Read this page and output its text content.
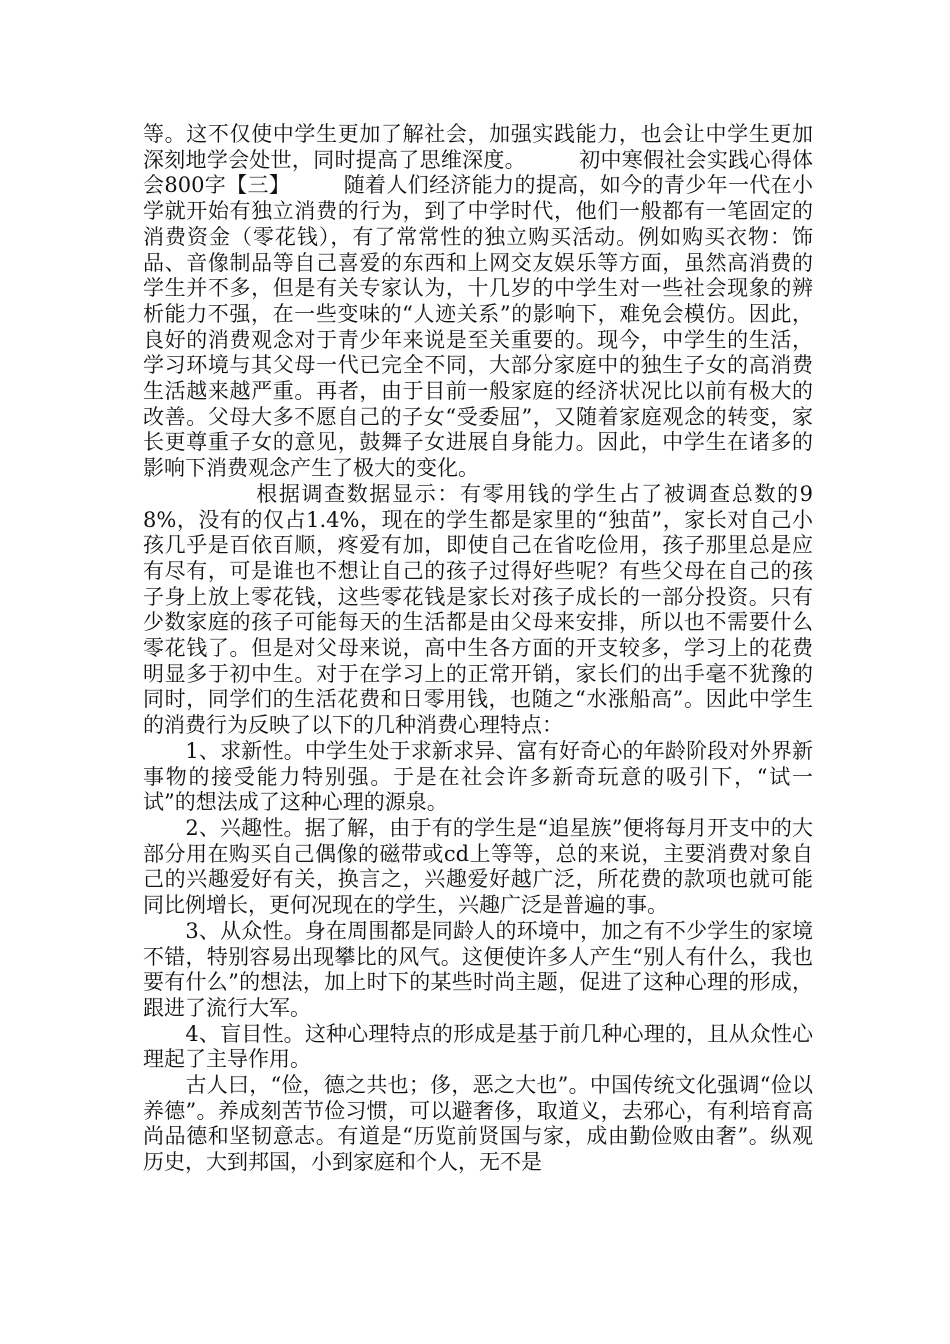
等。这不仅使中学生更加了解社会，加强实践能力，也会让中学生更加深刻地学会处世，同时提高了思维深度。　　　初中寒假社会实践心得体会800字【三】　　　随着人们经济能力的提高，如今的青少年一代在小学就开始有独立消费的行为，到了中学时代，他们一般都有一笔固定的消费资金（零花钱），有了常常性的独立购买活动。例如购买衣物：饰品、音像制品等自己喜爱的东西和上网交友娱乐等方面，虽然高消费的学生并不多，但是有关专家认为，十几岁的中学生对一些社会现象的辨析能力不强，在一些变味的“人迹关系”的影响下，难免会模仿。因此，良好的消费观念对于青少年来说是至关重要的。现今，中学生的生活，学习环境与其父母一代已完全不同，大部分家庭中的独生子女的高消费生活越来越严重。再者，由于目前一般家庭的经济状况比以前有极大的改善。父母大多不愿自己的子女“受委屈”，又随着家庭观念的转变，家长更尊重子女的意见，鼓舞子女进展自身能力。因此，中学生在诸多的影响下消费观念产生了极大的变化。

　　　　　根据调查数据显示：有零用钱的学生占了被调查总数的98%，没有的仅占1.4%，现在的学生都是家里的“独苗”，家长对自己小孩几乎是百依百顺，疼爱有加，即使自己在省吃俭用，孩子那里总是应有尽有，可是谁也不想让自己的孩子过得好些呢？有些父母在自己的孩子身上放上零花钱，这些零花钱是家长对孩子成长的一部分投资。只有少数家庭的孩子可能每天的生活都是由父母来安排，所以也不需要什么零花钱了。但是对父母来说，高中生各方面的开支较多，学习上的花费明显多于初中生。对于在学习上的正常开销，家长们的出手毫不犹豫的同时，同学们的生活花费和日零用钱，也随之“水涨船高”。因此中学生的消费行为反映了以下的几种消费心理特点：

　　1、求新性。中学生处于求新求异、富有好奇心的年龄阶段对外界新事物的接受能力特别强。于是在社会许多新奇玩意的吸引下，“试一试”的想法成了这种心理的源泉。

　　2、兴趣性。据了解，由于有的学生是“追星族”便将每月开支中的大部分用在购买自己偶像的磁带或cd上等等，总的来说，主要消费对象自己的兴趣爱好有关，换言之，兴趣爱好越广泛，所花费的款项也就可能同比例增长，更何况现在的学生，兴趣广泛是普遍的事。

　　3、从众性。身在周围都是同龄人的环境中，加之有不少学生的家境不错，特别容易出现攀比的风气。这便使许多人产生“别人有什么，我也要有什么”的想法，加上时下的某些时尚主题，促进了这种心理的形成，跟进了流行大军。

　　4、盲目性。这种心理特点的形成是基于前几种心理的，且从众性心理起了主导作用。

　　古人曰，“俭，德之共也；侈，恶之大也”。中国传统文化强调“俭以养德”。养成刻苦节俭习惯，可以避奢侈，取道义，去邪心，有利培育高尚品德和坚韧意志。有道是“历览前贤国与家，成由勤俭败由奢”。纵观历史，大到邦国，小到家庭和个人，无不是
